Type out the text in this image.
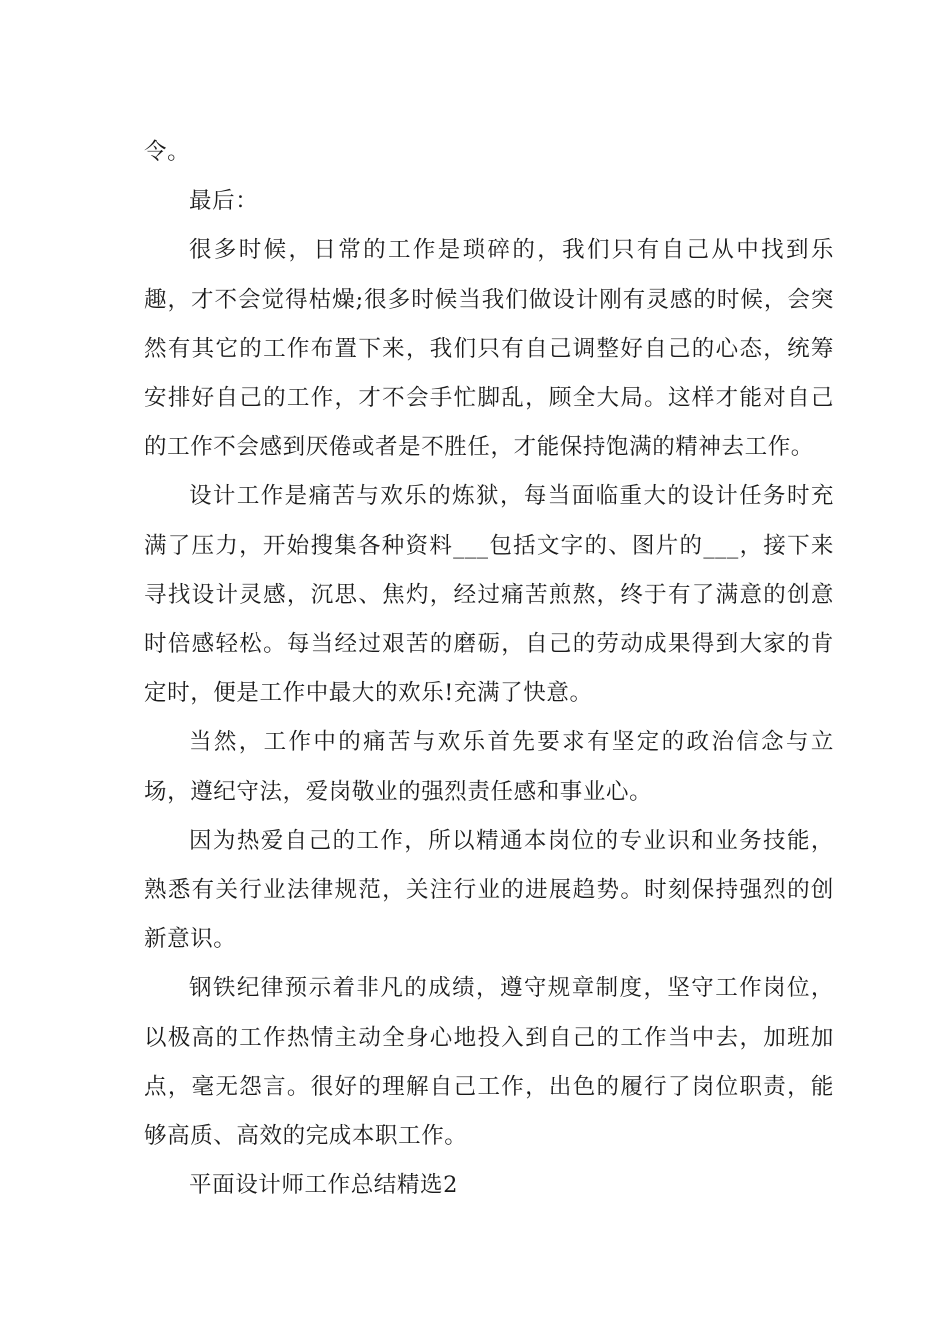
令。

最后：

很多时候，日常的工作是琐碎的，我们只有自己从中找到乐趣，才不会觉得枯燥;很多时候当我们做设计刚有灵感的时候，会突然有其它的工作布置下来，我们只有自己调整好自己的心态，统筹安排好自己的工作，才不会手忙脚乱，顾全大局。这样才能对自己的工作不会感到厌倦或者是不胜任，才能保持饱满的精神去工作。

设计工作是痛苦与欢乐的炼狱，每当面临重大的设计任务时充满了压力，开始搜集各种资料___包括文字的、图片的___，接下来寻找设计灵感，沉思、焦灼，经过痛苦煎熬，终于有了满意的创意时倍感轻松。每当经过艰苦的磨砺，自己的劳动成果得到大家的肯定时，便是工作中最大的欢乐!充满了快意。

当然，工作中的痛苦与欢乐首先要求有坚定的政治信念与立场，遵纪守法，爱岗敬业的强烈责任感和事业心。

因为热爱自己的工作，所以精通本岗位的专业识和业务技能，熟悉有关行业法律规范，关注行业的进展趋势。时刻保持强烈的创新意识。

钢铁纪律预示着非凡的成绩，遵守规章制度，坚守工作岗位，以极高的工作热情主动全身心地投入到自己的工作当中去，加班加点，毫无怨言。很好的理解自己工作，出色的履行了岗位职责，能够高质、高效的完成本职工作。

平面设计师工作总结精选2
